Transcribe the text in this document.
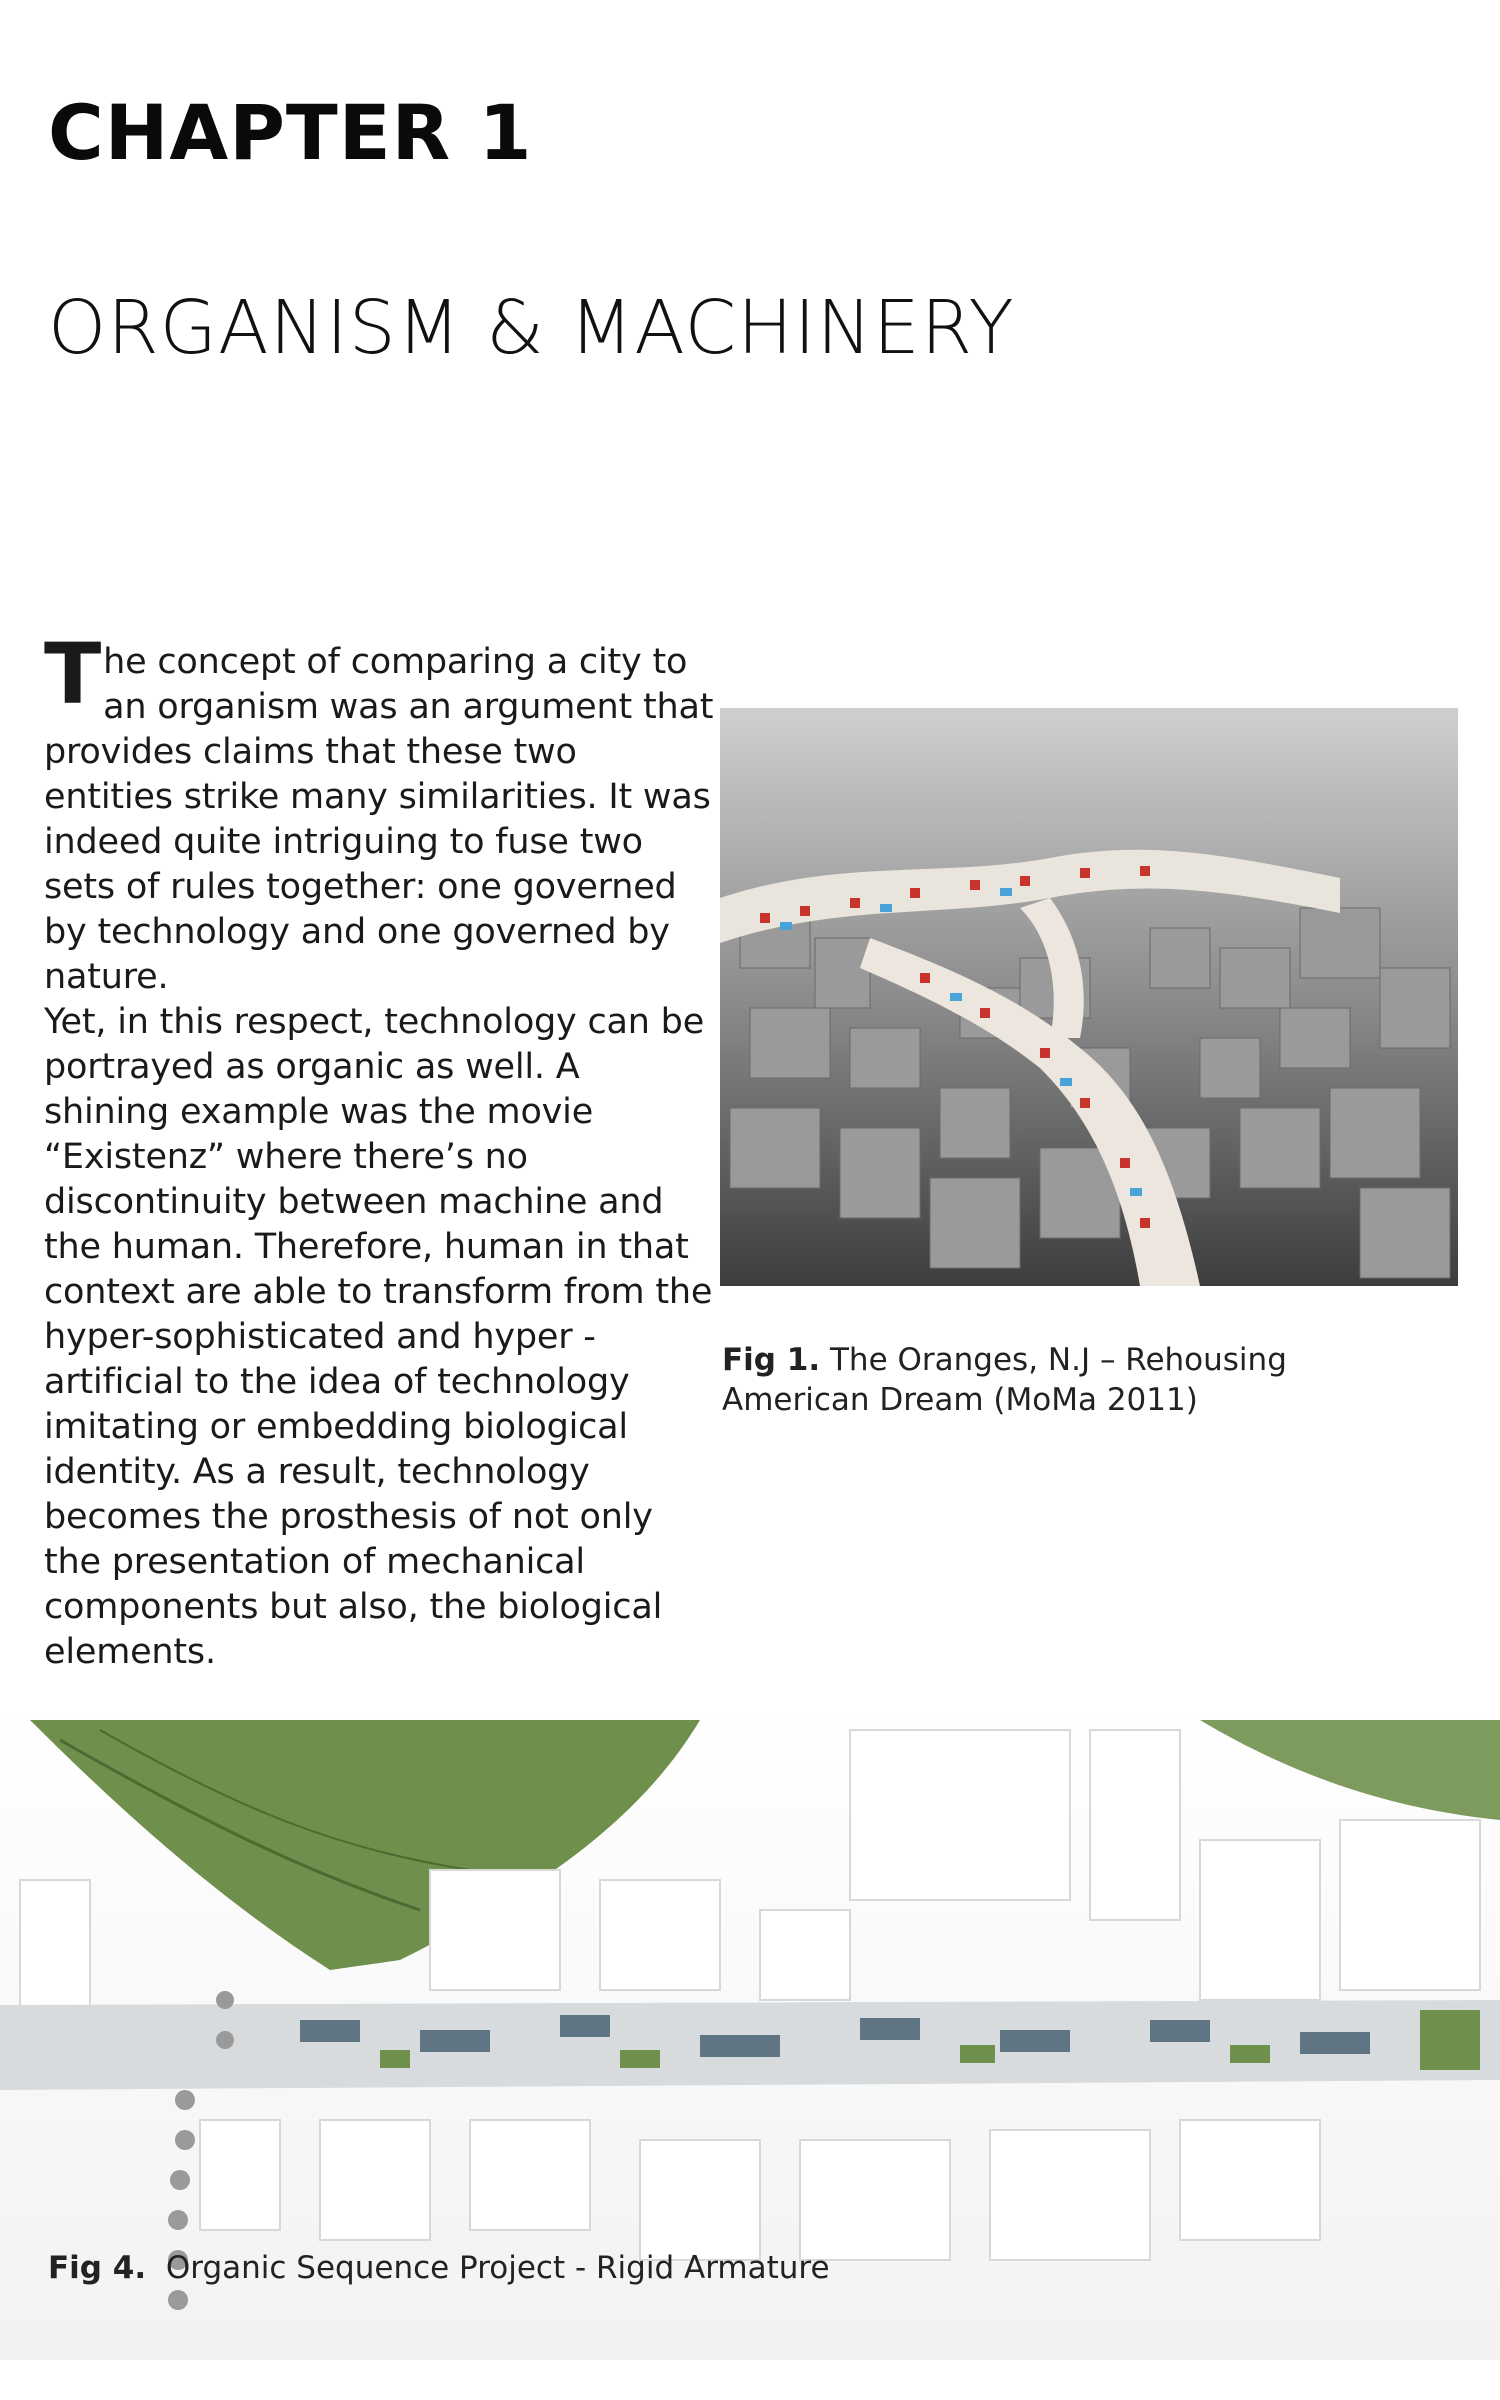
CHAPTER 1
ORGANISM & MACHINERY

The concept of comparing a city to an organism was an argument that provides claims that these two entities strike many similarities. It was indeed quite intriguing to fuse two sets of rules together: one governed by technology and one governed by nature.

Yet, in this respect, technology can be portrayed as organic as well. A shining example was the movie “Existenz” where there’s no discontinuity between machine and the human. Therefore, human in that context are able to transform from the hyper-sophisticated and hyper -artificial to the idea of technology imitating or embedding biological identity. As a result, technology becomes the prosthesis of not only the presentation of mechanical components but also, the biological elements.

Fig 1. The Oranges, N.J – Rehousing American Dream (MoMa 2011)

Fig 4. Organic Sequence Project - Rigid Armature
